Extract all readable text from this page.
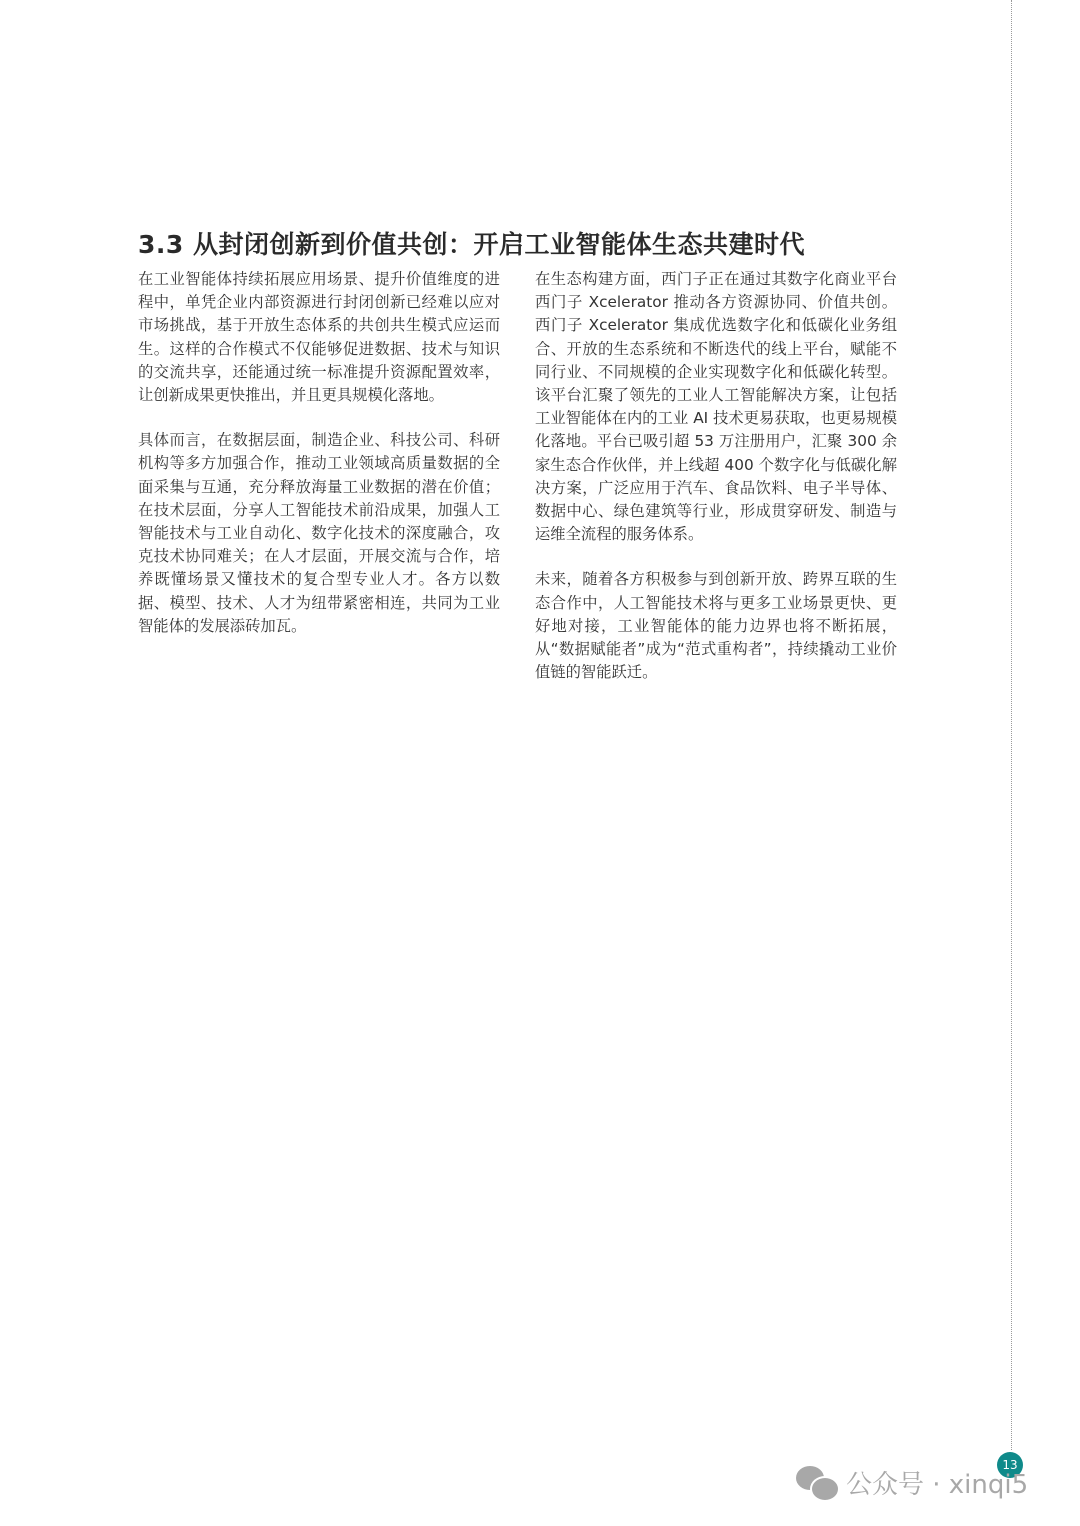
3.3 从封闭创新到价值共创：开启工业智能体生态共建时代

在工业智能体持续拓展应用场景、提升价值维度的进程中，单凭企业内部资源进行封闭创新已经难以应对市场挑战，基于开放生态体系的共创共生模式应运而生。这样的合作模式不仅能够促进数据、技术与知识的交流共享，还能通过统一标准提升资源配置效率，让创新成果更快推出，并且更具规模化落地。

具体而言，在数据层面，制造企业、科技公司、科研机构等多方加强合作，推动工业领域高质量数据的全面采集与互通，充分释放海量工业数据的潜在价值；在技术层面，分享人工智能技术前沿成果，加强人工智能技术与工业自动化、数字化技术的深度融合，攻克技术协同难关；在人才层面，开展交流与合作，培养既懂场景又懂技术的复合型专业人才。各方以数据、模型、技术、人才为纽带紧密相连，共同为工业智能体的发展添砖加瓦。

在生态构建方面，西门子正在通过其数字化商业平台西门子 Xcelerator 推动各方资源协同、价值共创。西门子 Xcelerator 集成优选数字化和低碳化业务组合、开放的生态系统和不断迭代的线上平台，赋能不同行业、不同规模的企业实现数字化和低碳化转型。该平台汇聚了领先的工业人工智能解决方案，让包括工业智能体在内的工业 AI 技术更易获取，也更易规模化落地。平台已吸引超 53 万注册用户，汇聚 300 余家生态合作伙伴，并上线超 400 个数字化与低碳化解决方案，广泛应用于汽车、食品饮料、电子半导体、数据中心、绿色建筑等行业，形成贯穿研发、制造与运维全流程的服务体系。

未来，随着各方积极参与到创新开放、跨界互联的生态合作中，人工智能技术将与更多工业场景更快、更好地对接，工业智能体的能力边界也将不断拓展，从“数据赋能者”成为“范式重构者”，持续撬动工业价值链的智能跃迁。

13
公众号 · xinqi5
